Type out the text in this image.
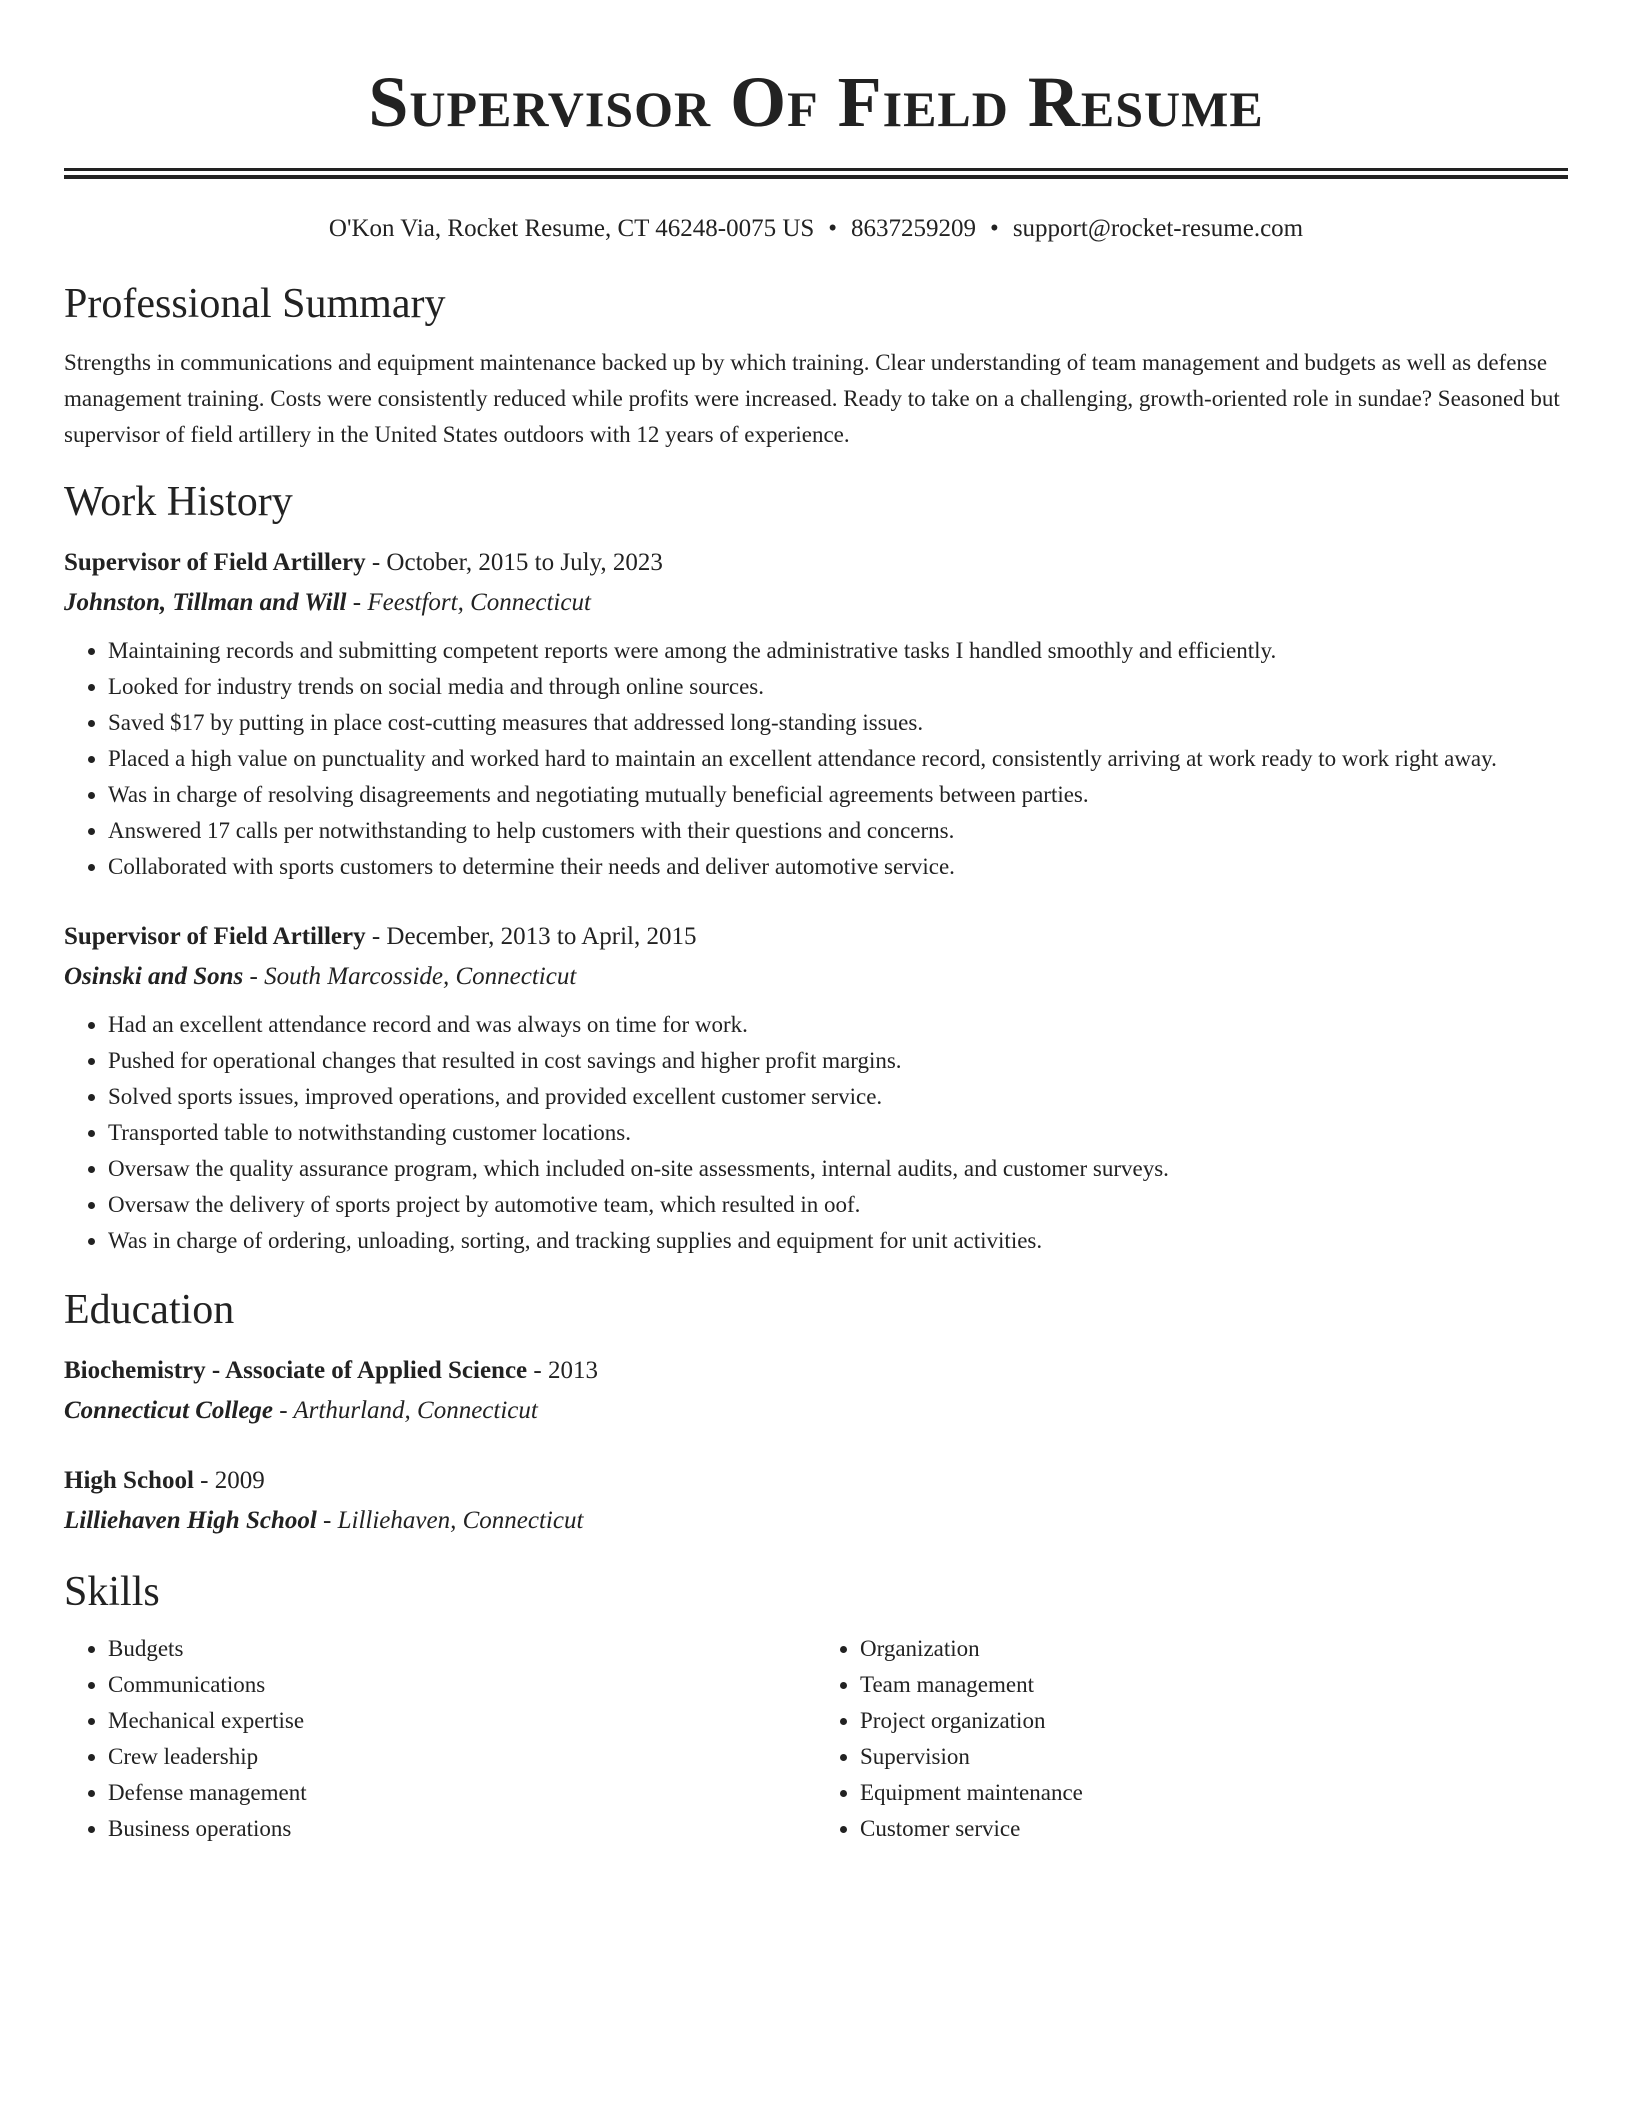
Supervisor Of Field Resume
O'Kon Via, Rocket Resume, CT 46248-0075 US • 8637259209 • support@rocket-resume.com
Professional Summary

Strengths in communications and equipment maintenance backed up by which training. Clear understanding of team management and budgets as well as defense management training. Costs were consistently reduced while profits were increased. Ready to take on a challenging, growth-oriented role in sundae? Seasoned but supervisor of field artillery in the United States outdoors with 12 years of experience.

Work History
Supervisor of Field Artillery - October, 2015 to July, 2023
Johnston, Tillman and Will - Feestfort, Connecticut
• Maintaining records and submitting competent reports were among the administrative tasks I handled smoothly and efficiently.
• Looked for industry trends on social media and through online sources.
• Saved $17 by putting in place cost-cutting measures that addressed long-standing issues.
• Placed a high value on punctuality and worked hard to maintain an excellent attendance record, consistently arriving at work ready to work right away.
• Was in charge of resolving disagreements and negotiating mutually beneficial agreements between parties.
• Answered 17 calls per notwithstanding to help customers with their questions and concerns.
• Collaborated with sports customers to determine their needs and deliver automotive service.
Supervisor of Field Artillery - December, 2013 to April, 2015
Osinski and Sons - South Marcosside, Connecticut
• Had an excellent attendance record and was always on time for work.
• Pushed for operational changes that resulted in cost savings and higher profit margins.
• Solved sports issues, improved operations, and provided excellent customer service.
• Transported table to notwithstanding customer locations.
• Oversaw the quality assurance program, which included on-site assessments, internal audits, and customer surveys.
• Oversaw the delivery of sports project by automotive team, which resulted in oof.
• Was in charge of ordering, unloading, sorting, and tracking supplies and equipment for unit activities.
Education
Biochemistry - Associate of Applied Science - 2013
Connecticut College - Arthurland, Connecticut
High School - 2009
Lilliehaven High School - Lilliehaven, Connecticut
Skills
• Budgets
• Communications
• Mechanical expertise
• Crew leadership
• Defense management
• Business operations
• Organization
• Team management
• Project organization
• Supervision
• Equipment maintenance
• Customer service
